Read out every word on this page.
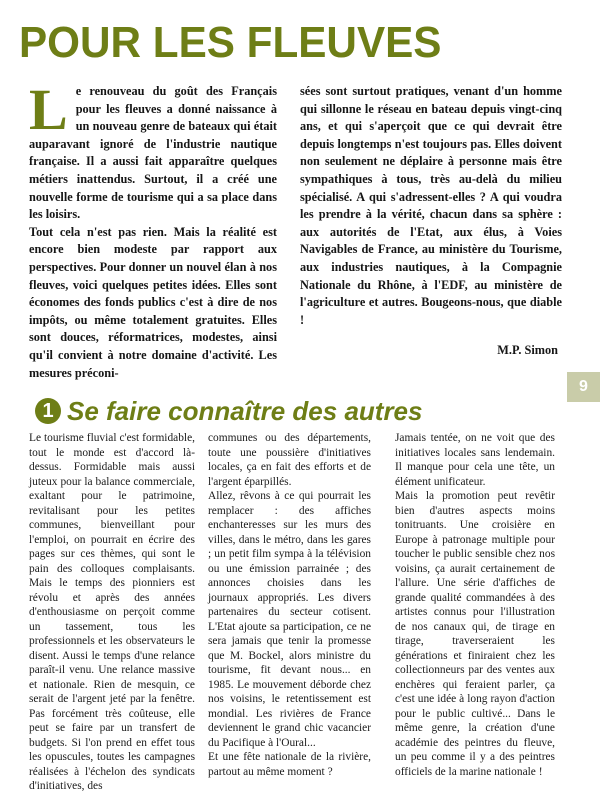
POUR LES FLEUVES
L e renouveau du goût des Français pour les fleuves a donné naissance à un nouveau genre de bateaux qui était auparavant ignoré de l'industrie nautique française. Il a aussi fait apparaître quelques métiers inattendus. Surtout, il a créé une nouvelle forme de tourisme qui a sa place dans les loisirs.

Tout cela n'est pas rien. Mais la réalité est encore bien modeste par rapport aux perspectives. Pour donner un nouvel élan à nos fleuves, voici quelques petites idées. Elles sont économes des fonds publics c'est à dire de nos impôts, ou même totalement gratuites. Elles sont douces, réformatrices, modestes, ainsi qu'il convient à notre domaine d'activité. Les mesures préconi-

sées sont surtout pratiques, venant d'un homme qui sillonne le réseau en bateau depuis vingt-cinq ans, et qui s'aperçoit que ce qui devrait être depuis longtemps n'est toujours pas. Elles doivent non seulement ne déplaire à personne mais être sympathiques à tous, très au-delà du milieu spécialisé. A qui s'adressent-elles ? A qui voudra les prendre à la vérité, chacun dans sa sphère : aux autorités de l'Etat, aux élus, à Voies Navigables de France, au ministère du Tourisme, aux industries nautiques, à la Compagnie Nationale du Rhône, à l'EDF, au ministère de l'agriculture et autres. Bougeons-nous, que diable !

M.P. Simon

9
1 Se faire connaître des autres

Le tourisme fluvial c'est formidable, tout le monde est d'accord là-dessus. Formidable mais aussi juteux pour la balance commerciale, exaltant pour le patrimoine, revitalisant pour les petites communes, bienveillant pour l'emploi, on pourrait en écrire des pages sur ces thèmes, qui sont le pain des colloques complaisants. Mais le temps des pionniers est révolu et après des années d'enthousiasme on perçoit comme un tassement, tous les professionnels et les observateurs le disent. Aussi le temps d'une relance paraît-il venu. Une relance massive et nationale. Rien de mesquin, ce serait de l'argent jeté par la fenêtre. Pas forcément très coûteuse, elle peut se faire par un transfert de budgets. Si l'on prend en effet tous les opuscules, toutes les campagnes réalisées à l'échelon des syndicats d'initiatives, des

communes ou des départements, toute une poussière d'initiatives locales, ça en fait des efforts et de l'argent éparpillés.

Allez, rêvons à ce qui pourrait les remplacer : des affiches enchanteresses sur les murs des villes, dans le métro, dans les gares ; un petit film sympa à la télévision ou une émission parrainée ; des annonces choisies dans les journaux appropriés. Les divers partenaires du secteur cotisent. L'Etat ajoute sa participation, ce ne sera jamais que tenir la promesse que M. Bockel, alors ministre du tourisme, fit devant nous... en 1985. Le mouvement déborde chez nos voisins, le retentissement est mondial. Les rivières de France deviennent le grand chic vacancier du Pacifique à l'Oural...

Et une fête nationale de la rivière, partout au même moment ?

Jamais tentée, on ne voit que des initiatives locales sans lendemain. Il manque pour cela une tête, un élément unificateur.

Mais la promotion peut revêtir bien d'autres aspects moins tonitruants. Une croisière en Europe à patronage multiple pour toucher le public sensible chez nos voisins, ça aurait certainement de l'allure. Une série d'affiches de grande qualité commandées à des artistes connus pour l'illustration de nos canaux qui, de tirage en tirage, traverseraient les générations et finiraient chez les collectionneurs par des ventes aux enchères qui feraient parler, ça c'est une idée à long rayon d'action pour le public cultivé... Dans le même genre, la création d'une académie des peintres du fleuve, un peu comme il y a des peintres officiels de la marine nationale !
